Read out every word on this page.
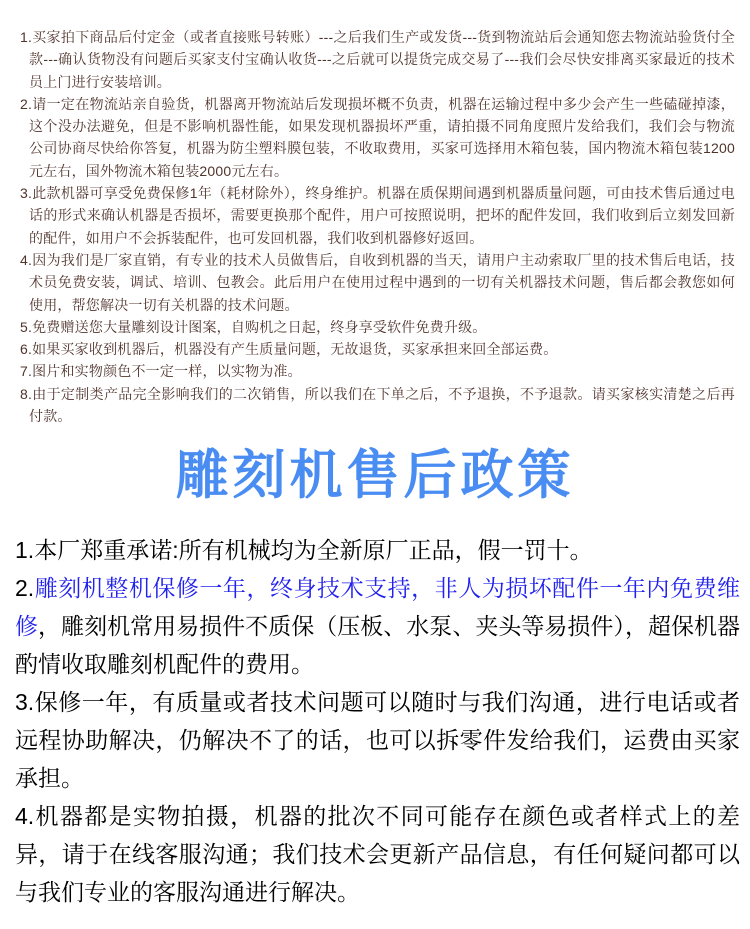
1.买家拍下商品后付定金（或者直接账号转账）---之后我们生产或发货---货到物流站后会通知您去物流站验货付全款---确认货物没有问题后买家支付宝确认收货---之后就可以提货完成交易了---我们会尽快安排离买家最近的技术员上门进行安装培训。

2.请一定在物流站亲自验货，机器离开物流站后发现损坏概不负责，机器在运输过程中多少会产生一些磕碰掉漆，这个没办法避免，但是不影响机器性能，如果发现机器损坏严重，请拍摄不同角度照片发给我们，我们会与物流公司协商尽快给你答复，机器为防尘塑料膜包装，不收取费用，买家可选择用木箱包装，国内物流木箱包装1200元左右，国外物流木箱包装2000元左右。

3.此款机器可享受免费保修1年（耗材除外），终身维护。机器在质保期间遇到机器质量问题，可由技术售后通过电话的形式来确认机器是否损坏，需要更换那个配件，用户可按照说明，把坏的配件发回，我们收到后立刻发回新的配件，如用户不会拆装配件，也可发回机器，我们收到机器修好返回。

4.因为我们是厂家直销，有专业的技术人员做售后，自收到机器的当天，请用户主动索取厂里的技术售后电话，技术员免费安装，调试、培训、包教会。此后用户在使用过程中遇到的一切有关机器技术问题，售后都会教您如何使用，帮您解决一切有关机器的技术问题。

5.免费赠送您大量雕刻设计图案，自购机之日起，终身享受软件免费升级。

6.如果买家收到机器后，机器没有产生质量问题，无故退货，买家承担来回全部运费。

7.图片和实物颜色不一定一样，以实物为准。

8.由于定制类产品完全影响我们的二次销售，所以我们在下单之后，不予退换，不予退款。请买家核实清楚之后再付款。

雕刻机售后政策

1.本厂郑重承诺:所有机械均为全新原厂正品，假一罚十。

2.雕刻机整机保修一年，终身技术支持，非人为损坏配件一年内免费维修，雕刻机常用易损件不质保（压板、水泵、夹头等易损件），超保机器酌情收取雕刻机配件的费用。

3.保修一年，有质量或者技术问题可以随时与我们沟通，进行电话或者远程协助解决，仍解决不了的话，也可以拆零件发给我们，运费由买家承担。

4.机器都是实物拍摄，机器的批次不同可能存在颜色或者样式上的差异，请于在线客服沟通；我们技术会更新产品信息，有任何疑问都可以与我们专业的客服沟通进行解决。
